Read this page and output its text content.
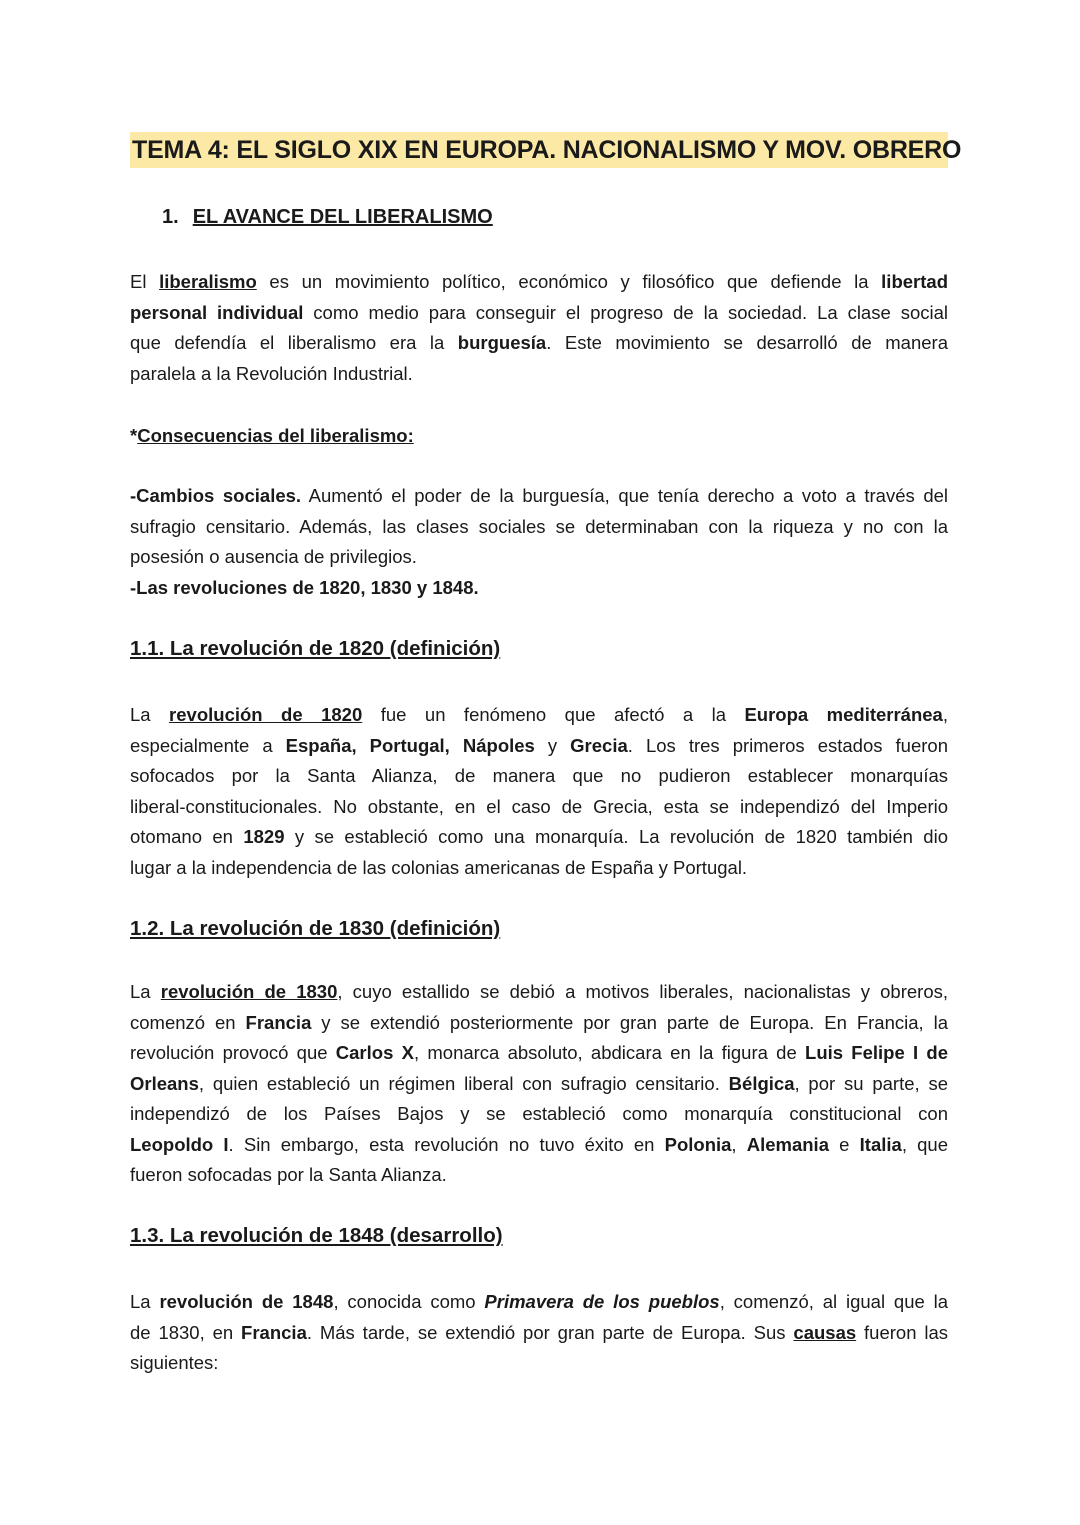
TEMA 4: EL SIGLO XIX EN EUROPA. NACIONALISMO Y MOV. OBRERO
1. EL AVANCE DEL LIBERALISMO
El liberalismo es un movimiento político, económico y filosófico que defiende la libertad
personal individual como medio para conseguir el progreso de la sociedad. La clase social
que defendía el liberalismo era la burguesía. Este movimiento se desarrolló de manera
paralela a la Revolución Industrial.
*Consecuencias del liberalismo:
-Cambios sociales. Aumentó el poder de la burguesía, que tenía derecho a voto a través del
sufragio censitario. Además, las clases sociales se determinaban con la riqueza y no con la
posesión o ausencia de privilegios.
-Las revoluciones de 1820, 1830 y 1848.
1.1. La revolución de 1820 (definición)
La revolución de 1820 fue un fenómeno que afectó a la Europa mediterránea,
especialmente a España, Portugal, Nápoles y Grecia. Los tres primeros estados fueron
sofocados por la Santa Alianza, de manera que no pudieron establecer monarquías
liberal-constitucionales. No obstante, en el caso de Grecia, esta se independizó del Imperio
otomano en 1829 y se estableció como una monarquía. La revolución de 1820 también dio
lugar a la independencia de las colonias americanas de España y Portugal.
1.2. La revolución de 1830 (definición)
La revolución de 1830, cuyo estallido se debió a motivos liberales, nacionalistas y obreros,
comenzó en Francia y se extendió posteriormente por gran parte de Europa. En Francia, la
revolución provocó que Carlos X, monarca absoluto, abdicara en la figura de Luis Felipe I de
Orleans, quien estableció un régimen liberal con sufragio censitario. Bélgica, por su parte, se
independizó de los Países Bajos y se estableció como monarquía constitucional con
Leopoldo I. Sin embargo, esta revolución no tuvo éxito en Polonia, Alemania e Italia, que
fueron sofocadas por la Santa Alianza.
1.3. La revolución de 1848 (desarrollo)
La revolución de 1848, conocida como Primavera de los pueblos, comenzó, al igual que la
de 1830, en Francia. Más tarde, se extendió por gran parte de Europa. Sus causas fueron las
siguientes:
